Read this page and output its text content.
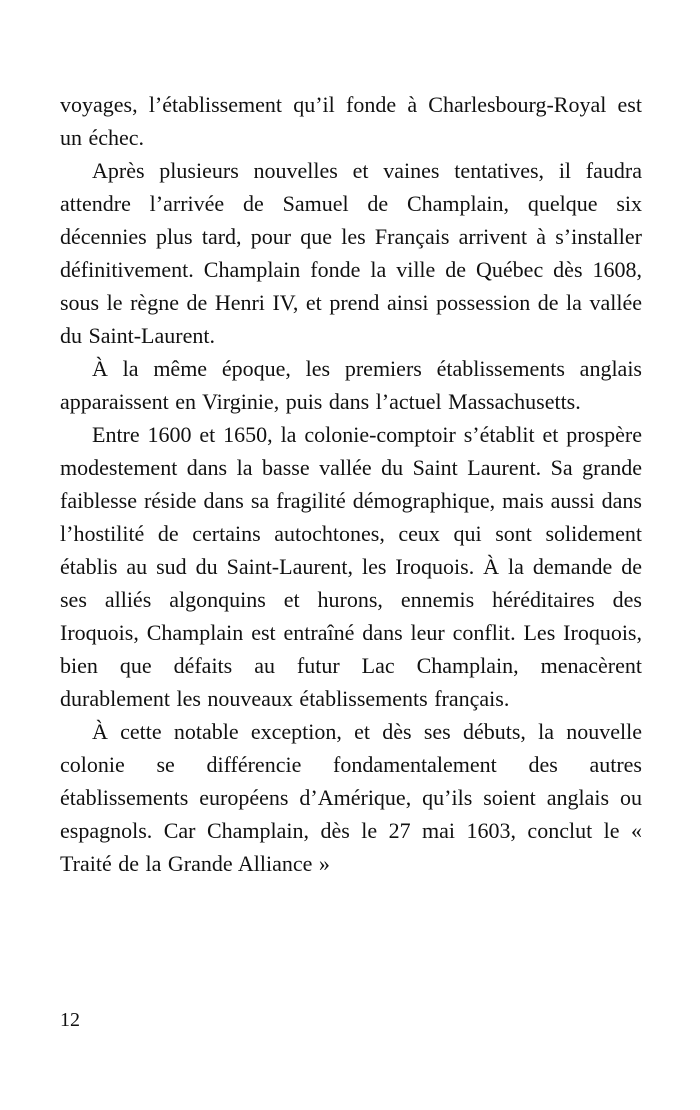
voyages, l’établissement qu’il fonde à Charlesbourg-Royal est un échec.

Après plusieurs nouvelles et vaines tentatives, il faudra attendre l’arrivée de Samuel de Champlain, quelque six décennies plus tard, pour que les Français arrivent à s’installer définitivement. Champlain fonde la ville de Québec dès 1608, sous le règne de Henri IV, et prend ainsi possession de la vallée du Saint-Laurent.

À la même époque, les premiers établissements anglais apparaissent en Virginie, puis dans l’actuel Massachusetts.

Entre 1600 et 1650, la colonie-comptoir s’établit et prospère modestement dans la basse vallée du Saint Laurent. Sa grande faiblesse réside dans sa fragilité démographique, mais aussi dans l’hostilité de certains autochtones, ceux qui sont solidement établis au sud du Saint-Laurent, les Iroquois. À la demande de ses alliés algonquins et hurons, ennemis héréditaires des Iroquois, Champlain est entraîné dans leur conflit. Les Iroquois, bien que défaits au futur Lac Champlain, menacèrent durablement les nouveaux établissements français.

À cette notable exception, et dès ses débuts, la nouvelle colonie se différencie fondamentalement des autres établissements européens d’Amérique, qu’ils soient anglais ou espagnols. Car Champlain, dès le 27 mai 1603, conclut le « Traité de la Grande Alliance »

12
